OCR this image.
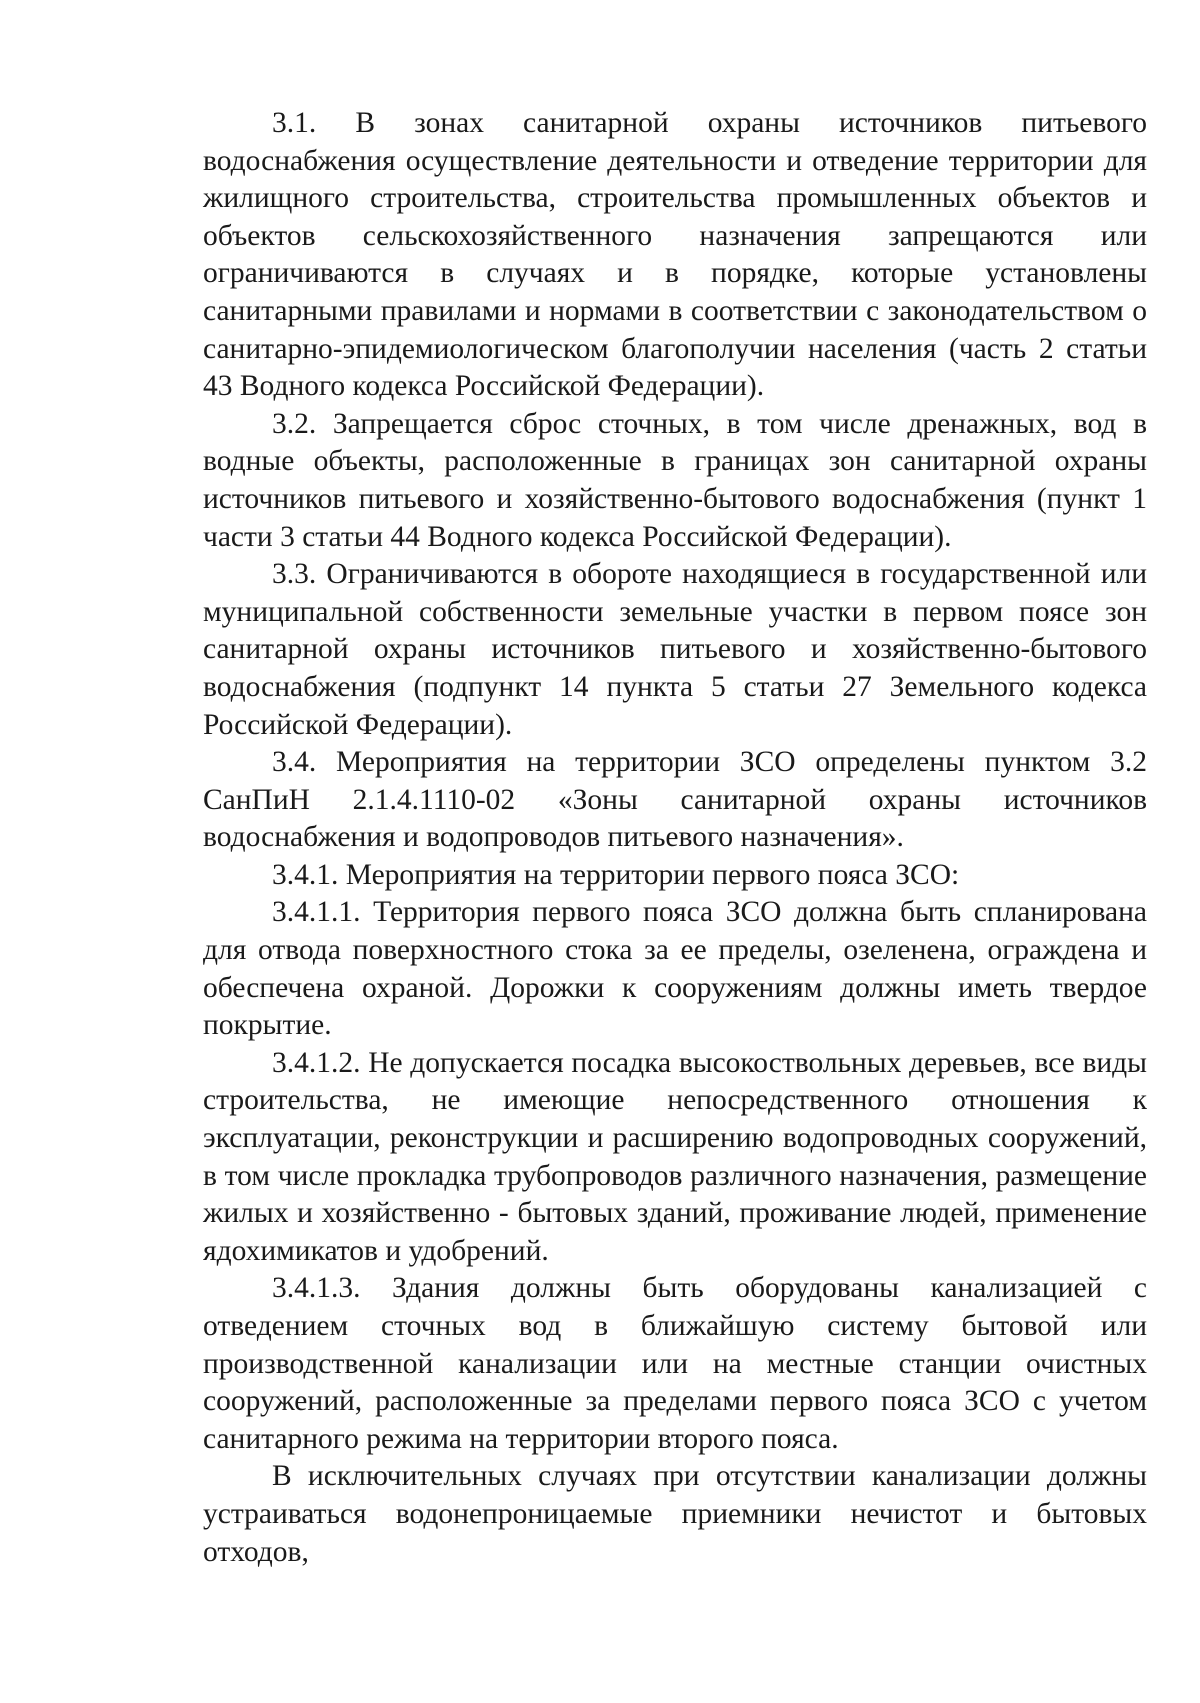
3.1. В зонах санитарной охраны источников питьевого водоснабжения осуществление деятельности и отведение территории для жилищного строительства, строительства промышленных объектов и объектов сельскохозяйственного назначения запрещаются или ограничиваются в случаях и в порядке, которые установлены санитарными правилами и нормами в соответствии с законодательством о санитарно-эпидемиологическом благополучии населения (часть 2 статьи 43 Водного кодекса Российской Федерации).

3.2. Запрещается сброс сточных, в том числе дренажных, вод в водные объекты, расположенные в границах зон санитарной охраны источников питьевого и хозяйственно-бытового водоснабжения (пункт 1 части 3 статьи 44 Водного кодекса Российской Федерации).

3.3. Ограничиваются в обороте находящиеся в государственной или муниципальной собственности земельные участки в первом поясе зон санитарной охраны источников питьевого и хозяйственно-бытового водоснабжения (подпункт 14 пункта 5 статьи 27 Земельного кодекса Российской Федерации).

3.4. Мероприятия на территории ЗСО определены пунктом 3.2 СанПиН 2.1.4.1110-02 «Зоны санитарной охраны источников водоснабжения и водопроводов питьевого назначения».

3.4.1. Мероприятия на территории первого пояса ЗСО:

3.4.1.1. Территория первого пояса ЗСО должна быть спланирована для отвода поверхностного стока за ее пределы, озеленена, ограждена и обеспечена охраной. Дорожки к сооружениям должны иметь твердое покрытие.

3.4.1.2. Не допускается посадка высокоствольных деревьев, все виды строительства, не имеющие непосредственного отношения к эксплуатации, реконструкции и расширению водопроводных сооружений, в том числе прокладка трубопроводов различного назначения, размещение жилых и хозяйственно - бытовых зданий, проживание людей, применение ядохимикатов и удобрений.

3.4.1.3. Здания должны быть оборудованы канализацией с отведением сточных вод в ближайшую систему бытовой или производственной канализации или на местные станции очистных сооружений, расположенные за пределами первого пояса ЗСО с учетом санитарного режима на территории второго пояса.

В исключительных случаях при отсутствии канализации должны устраиваться водонепроницаемые приемники нечистот и бытовых отходов,
